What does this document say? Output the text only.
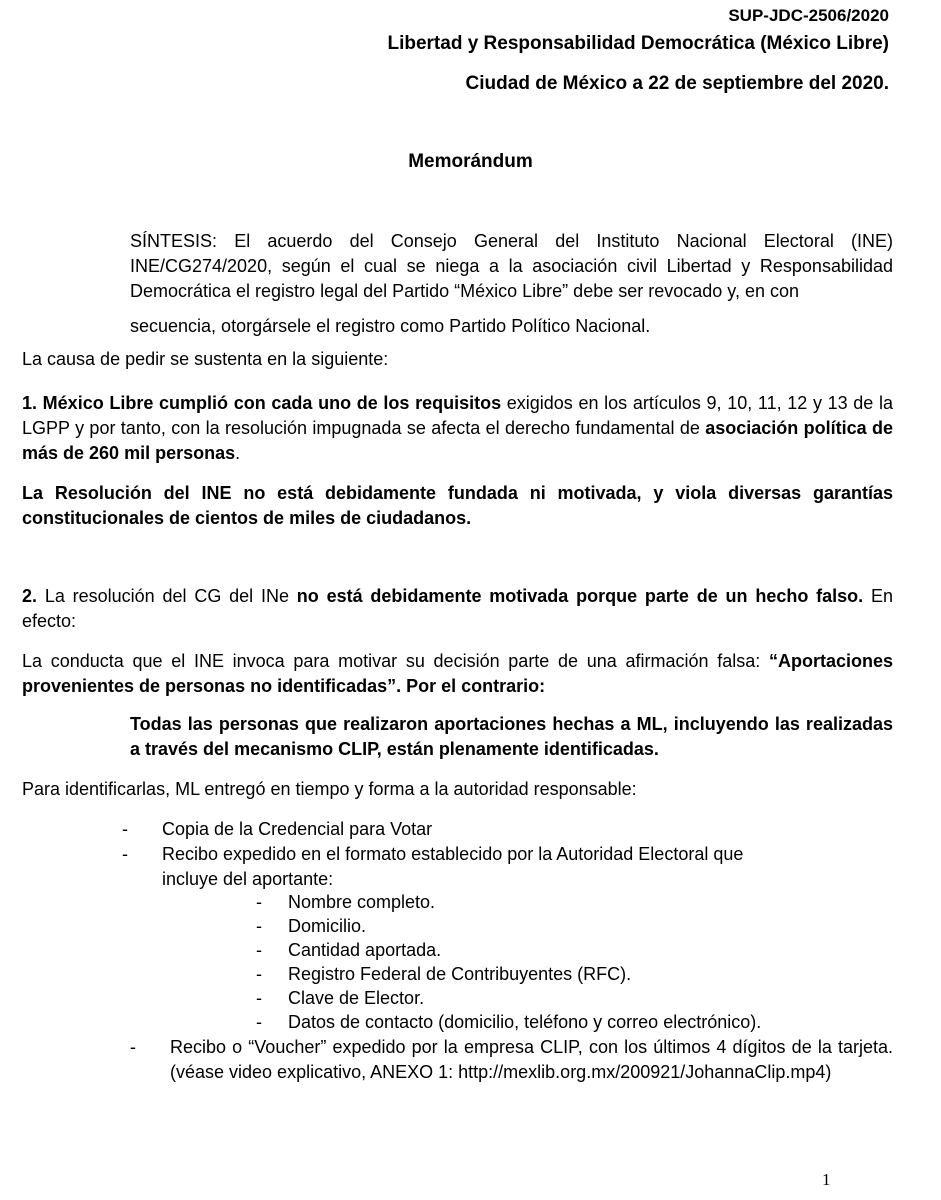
SUP-JDC-2506/2020
Libertad y Responsabilidad Democrática (México Libre)
Ciudad de México a 22 de septiembre del 2020.
Memorándum
SÍNTESIS: El acuerdo del Consejo General del Instituto Nacional Electoral (INE) INE/CG274/2020, según el cual se niega a la asociación civil Libertad y Responsabilidad Democrática el registro legal del Partido “México Libre” debe ser revocado y, en con
secuencia, otorgársele el registro como Partido Político Nacional.
La causa de pedir se sustenta en la siguiente:
1. México Libre cumplió con cada uno de los requisitos exigidos en los artículos 9, 10, 11, 12 y 13 de la LGPP y por tanto, con la resolución impugnada se afecta el derecho fundamental de asociación política de más de 260 mil personas.
La Resolución del INE no está debidamente fundada ni motivada, y viola diversas garantías constitucionales de cientos de miles de ciudadanos.
2. La resolución del CG del INe no está debidamente motivada porque parte de un hecho falso. En efecto:
La conducta que el INE invoca para motivar su decisión parte de una afirmación falsa: “Aportaciones provenientes de personas no identificadas”. Por el contrario:
Todas las personas que realizaron aportaciones hechas a ML, incluyendo las realizadas a través del mecanismo CLIP, están plenamente identificadas.
Para identificarlas, ML entregó en tiempo y forma a la autoridad responsable:
- Copia de la Credencial para Votar
- Recibo expedido en el formato establecido por la Autoridad Electoral que
incluye del aportante:
- Nombre completo.
- Domicilio.
- Cantidad aportada.
- Registro Federal de Contribuyentes (RFC).
- Clave de Elector.
- Datos de contacto (domicilio, teléfono y correo electrónico).
- Recibo o “Voucher” expedido por la empresa CLIP, con los últimos 4 dígitos de la tarjeta. (véase video explicativo, ANEXO 1: http://mexlib.org.mx/200921/JohannaClip.mp4)
1
